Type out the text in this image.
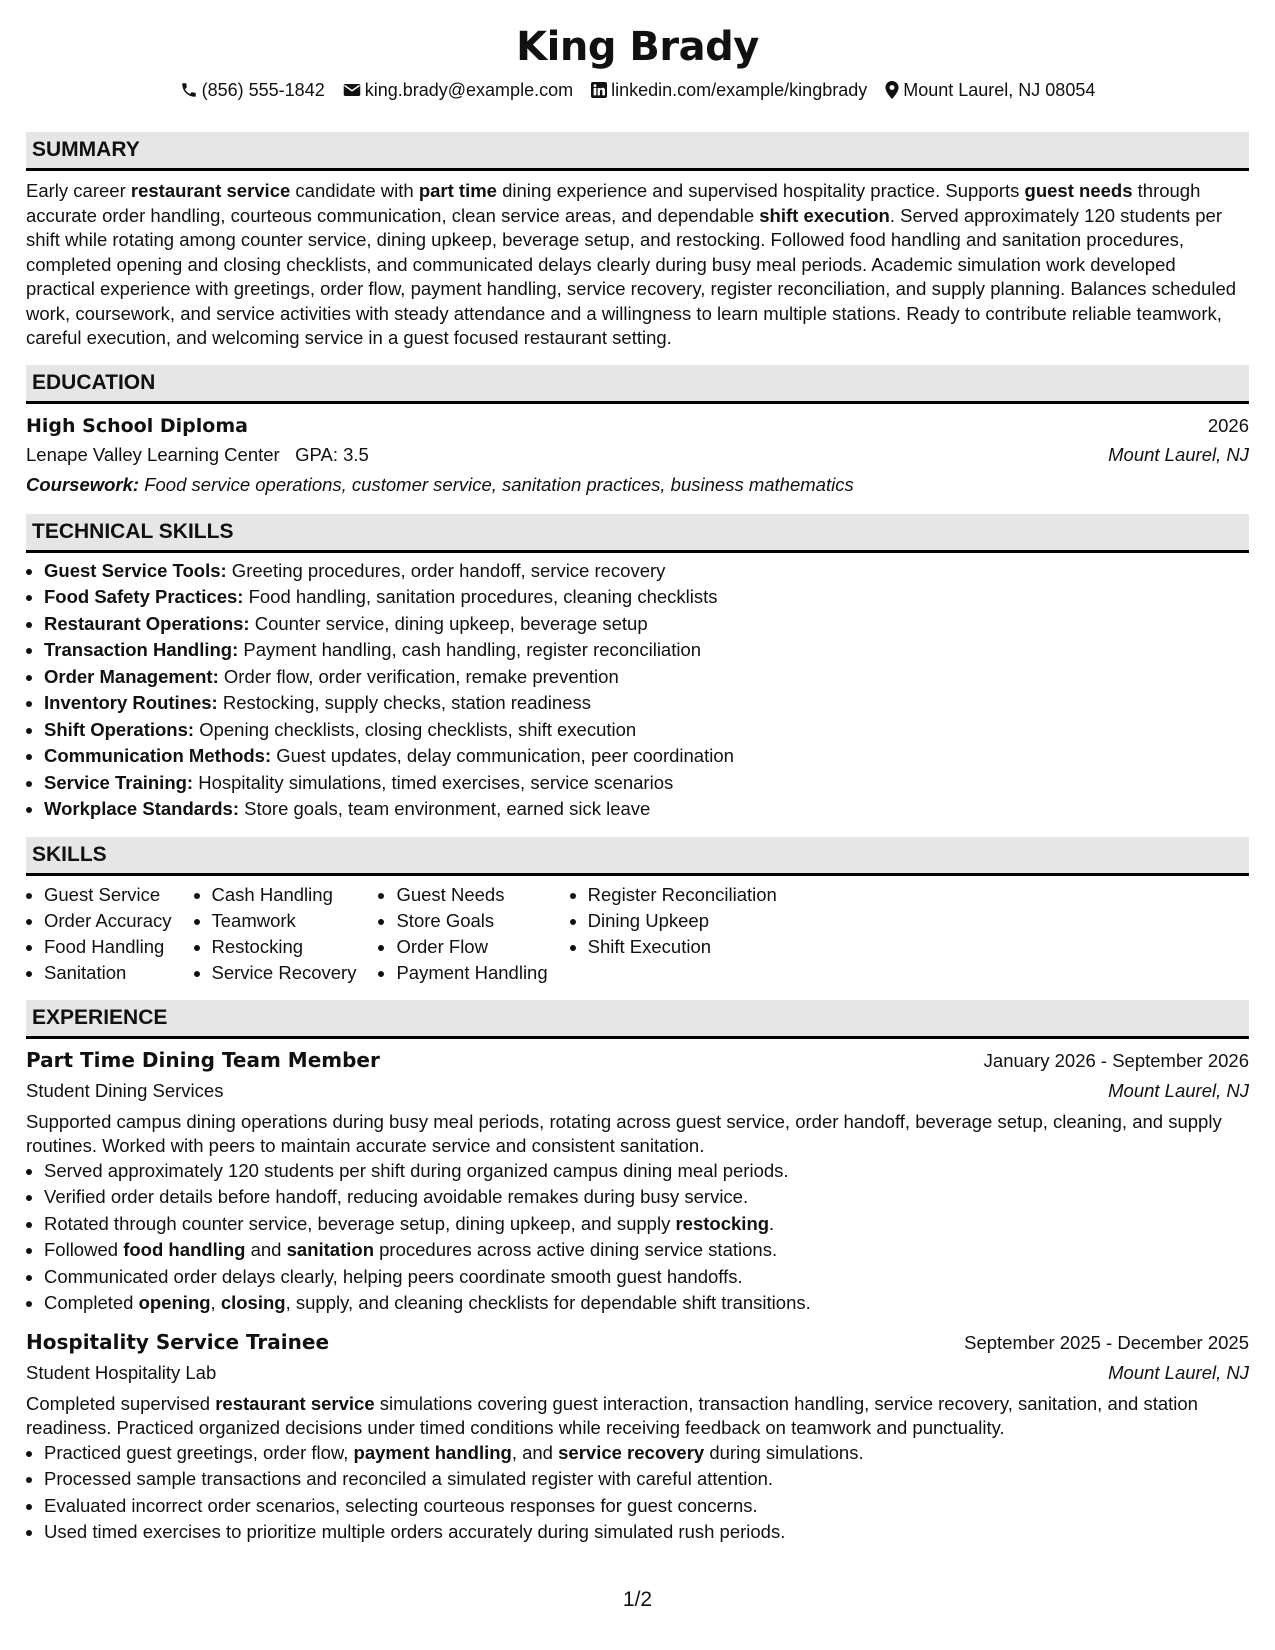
King Brady
(856) 555-1842 king.brady@example.com linkedin.com/example/kingbrady Mount Laurel, NJ 08054
SUMMARY

Early career restaurant service candidate with part time dining experience and supervised hospitality practice. Supports guest needs through accurate order handling, courteous communication, clean service areas, and dependable shift execution. Served approximately 120 students per shift while rotating among counter service, dining upkeep, beverage setup, and restocking. Followed food handling and sanitation procedures, completed opening and closing checklists, and communicated delays clearly during busy meal periods. Academic simulation work developed practical experience with greetings, order flow, payment handling, service recovery, register reconciliation, and supply planning. Balances scheduled work, coursework, and service activities with steady attendance and a willingness to learn multiple stations. Ready to contribute reliable teamwork, careful execution, and welcoming service in a guest focused restaurant setting.

EDUCATION
High School Diploma	2026
Lenape Valley Learning Center GPA: 3.5	Mount Laurel, NJ
Coursework: Food service operations, customer service, sanitation practices, business mathematics
TECHNICAL SKILLS
• Guest Service Tools: Greeting procedures, order handoff, service recovery
• Food Safety Practices: Food handling, sanitation procedures, cleaning checklists
• Restaurant Operations: Counter service, dining upkeep, beverage setup
• Transaction Handling: Payment handling, cash handling, register reconciliation
• Order Management: Order flow, order verification, remake prevention
• Inventory Routines: Restocking, supply checks, station readiness
• Shift Operations: Opening checklists, closing checklists, shift execution
• Communication Methods: Guest updates, delay communication, peer coordination
• Service Training: Hospitality simulations, timed exercises, service scenarios
• Workplace Standards: Store goals, team environment, earned sick leave
SKILLS
• Guest Service
• Order Accuracy
• Food Handling
• Sanitation
• Cash Handling
• Teamwork
• Restocking
• Service Recovery
• Guest Needs
• Store Goals
• Order Flow
• Payment Handling
• Register Reconciliation
• Dining Upkeep
• Shift Execution
EXPERIENCE
Part Time Dining Team Member	January 2026 - September 2026
Student Dining Services	Mount Laurel, NJ

Supported campus dining operations during busy meal periods, rotating across guest service, order handoff, beverage setup, cleaning, and supply routines. Worked with peers to maintain accurate service and consistent sanitation.

• Served approximately 120 students per shift during organized campus dining meal periods.
• Verified order details before handoff, reducing avoidable remakes during busy service.
• Rotated through counter service, beverage setup, dining upkeep, and supply restocking.
• Followed food handling and sanitation procedures across active dining service stations.
• Communicated order delays clearly, helping peers coordinate smooth guest handoffs.
• Completed opening, closing, supply, and cleaning checklists for dependable shift transitions.
Hospitality Service Trainee	September 2025 - December 2025
Student Hospitality Lab	Mount Laurel, NJ

Completed supervised restaurant service simulations covering guest interaction, transaction handling, service recovery, sanitation, and station readiness. Practiced organized decisions under timed conditions while receiving feedback on teamwork and punctuality.

• Practiced guest greetings, order flow, payment handling, and service recovery during simulations.
• Processed sample transactions and reconciled a simulated register with careful attention.
• Evaluated incorrect order scenarios, selecting courteous responses for guest concerns.
• Used timed exercises to prioritize multiple orders accurately during simulated rush periods.
1/2
